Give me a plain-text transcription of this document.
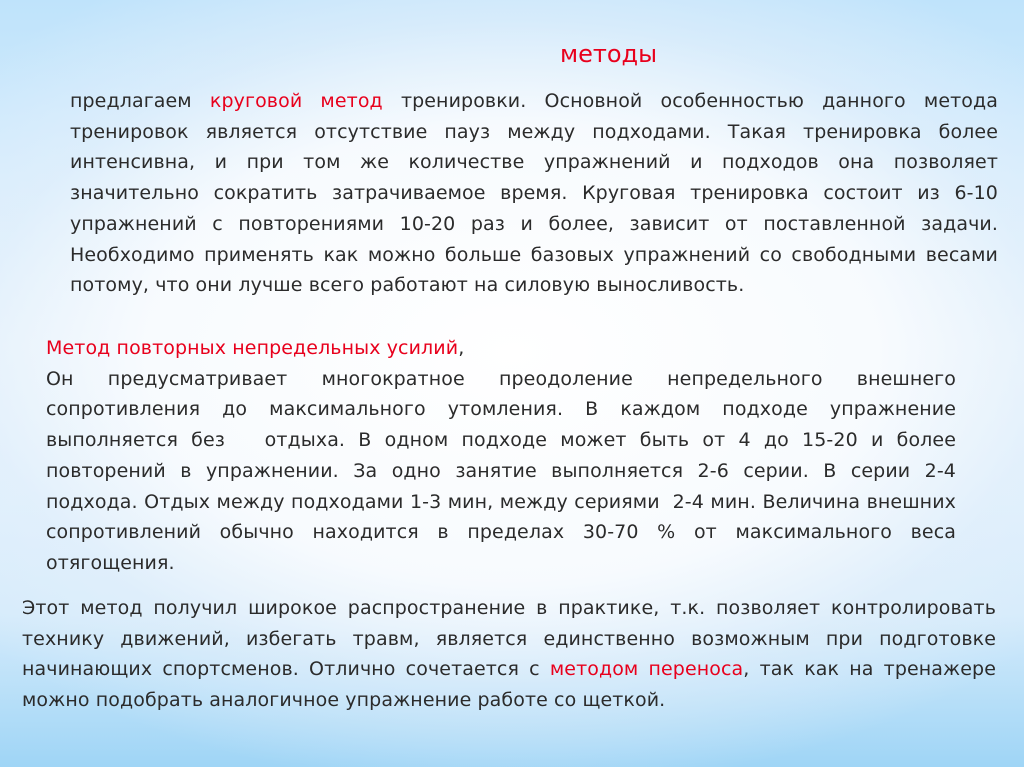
методы

предлагаем круговой метод тренировки. Основной особенностью данного метода тренировок является отсутствие пауз между подходами. Такая тренировка более интенсивна, и при том же количестве упражнений и подходов она позволяет значительно сократить затрачиваемое время. Круговая тренировка состоит из 6-10 упражнений с повторениями 10-20 раз и более, зависит от поставленной задачи. Необходимо применять как можно больше базовых упражнений со свободными весами потому, что они лучше всего работают на силовую выносливость.

Метод повторных непредельных усилий,
Он предусматривает многократное преодоление непредельного внешнего сопротивления до максимального утомления. В каждом подходе упражнение выполняется без   отдыха. В одном подходе может быть от 4 до 15-20 и более повторений в упражнении. За одно занятие выполняется 2-6 серии. В серии 2-4 подхода. Отдых между подходами 1-3 мин, между сериями  2-4 мин. Величина внешних сопротивлений обычно находится в пределах 30-70 % от максимального веса отягощения.

Этот метод получил широкое распространение в практике, т.к. позволяет контролировать технику движений, избегать травм, является единственно возможным при подготовке начинающих спортсменов. Отлично сочетается с методом переноса, так как на тренажере можно подобрать аналогичное упражнение работе со щеткой.
